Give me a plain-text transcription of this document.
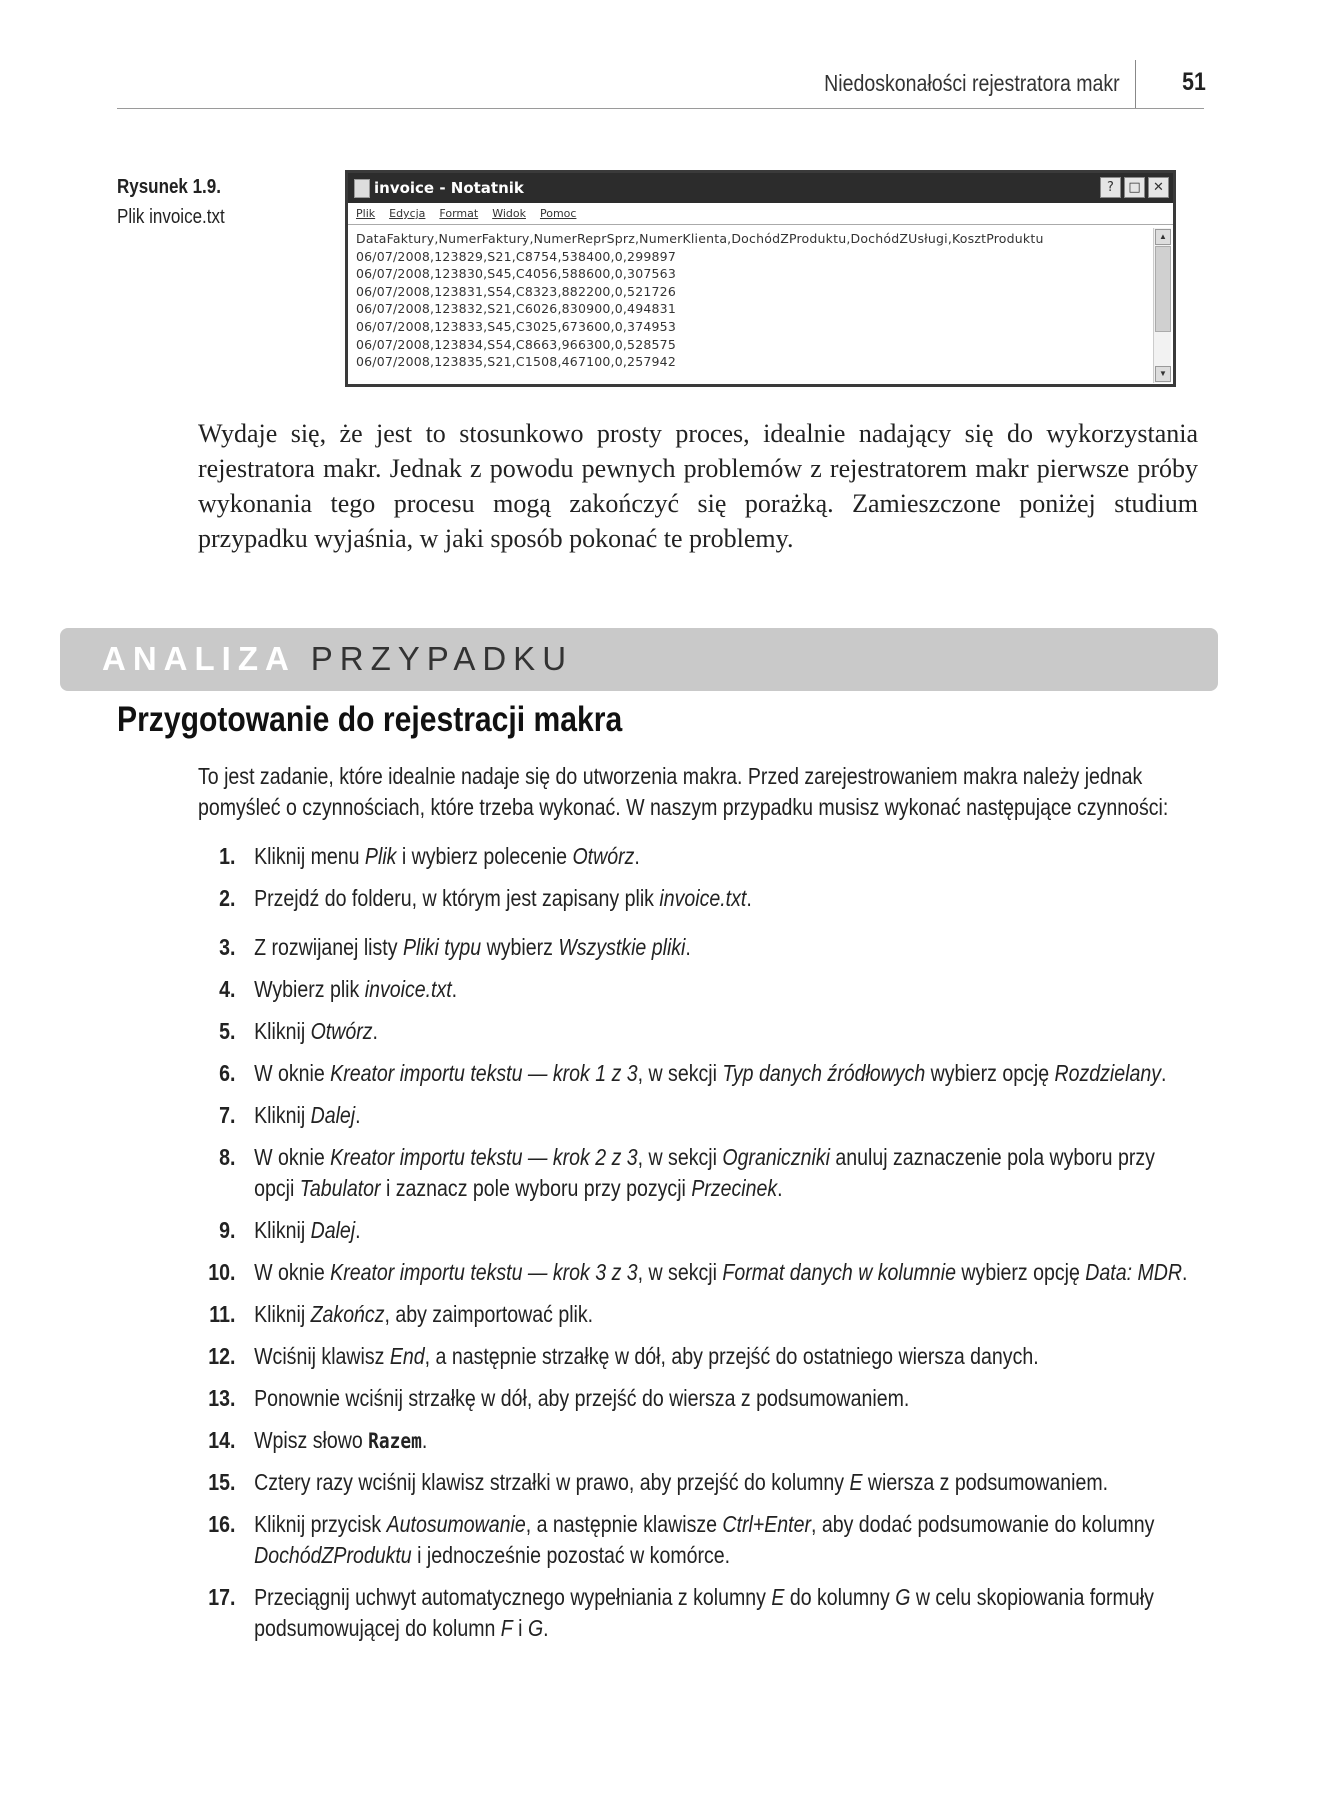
Niedoskonałości rejestratora makr 51
Rysunek 1.9.
Plik invoice.txt
invoice - Notatnik	?	□ ✕
Plik Edycja Format Widok Pomoc
DataFaktury,NumerFaktury,NumerReprSprz,NumerKlienta,DochódZProduktu,DochódZUsługi,KosztProduktu
06/07/2008,123829,S21,C8754,538400,0,299897
06/07/2008,123830,S45,C4056,588600,0,307563
06/07/2008,123831,S54,C8323,882200,0,521726
06/07/2008,123832,S21,C6026,830900,0,494831
06/07/2008,123833,S45,C3025,673600,0,374953
06/07/2008,123834,S54,C8663,966300,0,528575
06/07/2008,123835,S21,C1508,467100,0,257942
▲
▼
Wydaje się, że jest to stosunkowo prosty proces, idealnie nadający się do wykorzystania rejestratora makr. Jednak z powodu pewnych problemów z rejestratorem makr pierwsze próby wykonania tego procesu mogą zakończyć się porażką. Zamieszczone poniżej studium przypadku wyjaśnia, w jaki sposób pokonać te problemy.
ANALIZA PRZYPADKU
Przygotowanie do rejestracji makra
To jest zadanie, które idealnie nadaje się do utworzenia makra. Przed zarejestrowaniem makra należy jednak pomyśleć o czynnościach, które trzeba wykonać. W naszym przypadku musisz wykonać następujące czynności:
1. Kliknij menu Plik i wybierz polecenie Otwórz.
2. Przejdź do folderu, w którym jest zapisany plik invoice.txt.
3. Z rozwijanej listy Pliki typu wybierz Wszystkie pliki.
4. Wybierz plik invoice.txt.
5. Kliknij Otwórz.
6. W oknie Kreator importu tekstu — krok 1 z 3, w sekcji Typ danych źródłowych wybierz opcję Rozdzielany.
7. Kliknij Dalej.
8. W oknie Kreator importu tekstu — krok 2 z 3, w sekcji Ograniczniki anuluj zaznaczenie pola wyboru przy opcji Tabulator i zaznacz pole wyboru przy pozycji Przecinek.
9. Kliknij Dalej.
10. W oknie Kreator importu tekstu — krok 3 z 3, w sekcji Format danych w kolumnie wybierz opcję Data: MDR.
11. Kliknij Zakończ, aby zaimportować plik.
12. Wciśnij klawisz End, a następnie strzałkę w dół, aby przejść do ostatniego wiersza danych.
13. Ponownie wciśnij strzałkę w dół, aby przejść do wiersza z podsumowaniem.
14. Wpisz słowo Razem.
15. Cztery razy wciśnij klawisz strzałki w prawo, aby przejść do kolumny E wiersza z podsumowaniem.
16. Kliknij przycisk Autosumowanie, a następnie klawisze Ctrl+Enter, aby dodać podsumowanie do kolumny DochódZProduktu i jednocześnie pozostać w komórce.
17. Przeciągnij uchwyt automatycznego wypełniania z kolumny E do kolumny G w celu skopiowania formuły podsumowującej do kolumn F i G.
